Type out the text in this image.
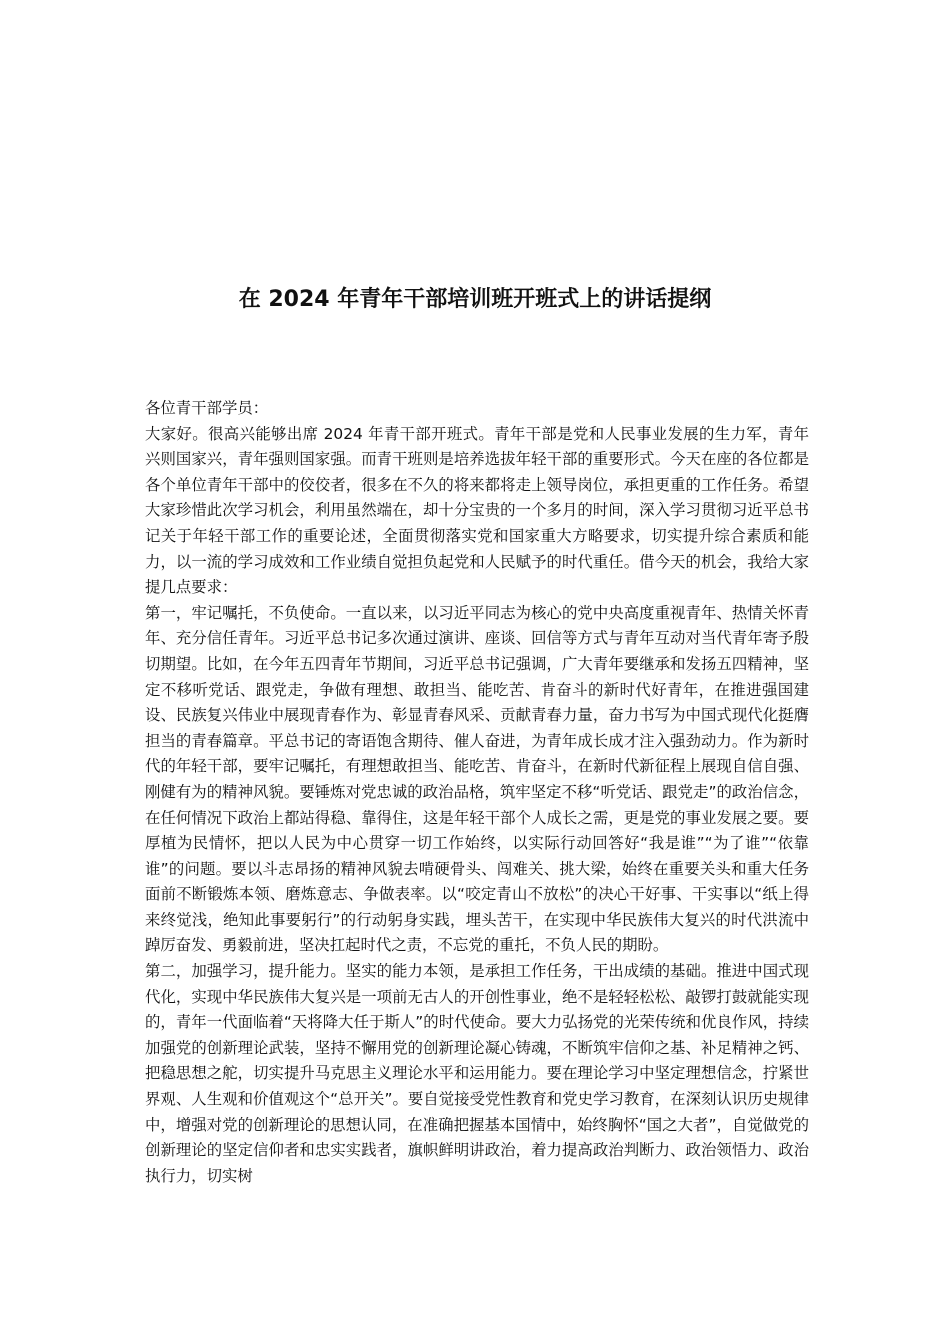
在 2024 年青年干部培训班开班式上的讲话提纲

各位青干部学员：

大家好。很高兴能够出席 2024 年青干部开班式。青年干部是党和人民事业发展的生力军，青年兴则国家兴，青年强则国家强。而青干班则是培养选拔年轻干部的重要形式。今天在座的各位都是各个单位青年干部中的佼佼者，很多在不久的将来都将走上领导岗位，承担更重的工作任务。希望大家珍惜此次学习机会，利用虽然端在，却十分宝贵的一个多月的时间，深入学习贯彻习近平总书记关于年轻干部工作的重要论述，全面贯彻落实党和国家重大方略要求，切实提升综合素质和能力，以一流的学习成效和工作业绩自觉担负起党和人民赋予的时代重任。借今天的机会，我给大家提几点要求：

第一，牢记嘱托，不负使命。一直以来，以习近平同志为核心的党中央高度重视青年、热情关怀青年、充分信任青年。习近平总书记多次通过演讲、座谈、回信等方式与青年互动对当代青年寄予殷切期望。比如，在今年五四青年节期间，习近平总书记强调，广大青年要继承和发扬五四精神，坚定不移听党话、跟党走，争做有理想、敢担当、能吃苦、肯奋斗的新时代好青年，在推进强国建设、民族复兴伟业中展现青春作为、彰显青春风采、贡献青春力量，奋力书写为中国式现代化挺膺担当的青春篇章。平总书记的寄语饱含期待、催人奋进，为青年成长成才注入强劲动力。作为新时代的年轻干部，要牢记嘱托，有理想敢担当、能吃苦、肯奋斗，在新时代新征程上展现自信自强、刚健有为的精神风貌。要锤炼对党忠诚的政治品格，筑牢坚定不移“听党话、跟党走”的政治信念，在任何情况下政治上都站得稳、靠得住，这是年轻干部个人成长之需，更是党的事业发展之要。要厚植为民情怀，把以人民为中心贯穿一切工作始终，以实际行动回答好“我是谁”“为了谁”“依靠谁”的问题。要以斗志昂扬的精神风貌去啃硬骨头、闯难关、挑大梁，始终在重要关头和重大任务面前不断锻炼本领、磨炼意志、争做表率。以“咬定青山不放松”的决心干好事、干实事以“纸上得来终觉浅，绝知此事要躬行”的行动躬身实践，埋头苦干，在实现中华民族伟大复兴的时代洪流中踔厉奋发、勇毅前进，坚决扛起时代之责，不忘党的重托，不负人民的期盼。

第二，加强学习，提升能力。坚实的能力本领，是承担工作任务，干出成绩的基础。推进中国式现代化，实现中华民族伟大复兴是一项前无古人的开创性事业，绝不是轻轻松松、敲锣打鼓就能实现的，青年一代面临着“天将降大任于斯人”的时代使命。要大力弘扬党的光荣传统和优良作风，持续加强党的创新理论武装，坚持不懈用党的创新理论凝心铸魂，不断筑牢信仰之基、补足精神之钙、把稳思想之舵，切实提升马克思主义理论水平和运用能力。要在理论学习中坚定理想信念，拧紧世界观、人生观和价值观这个“总开关”。要自觉接受党性教育和党史学习教育，在深刻认识历史规律中，增强对党的创新理论的思想认同，在准确把握基本国情中，始终胸怀“国之大者”，自觉做党的创新理论的坚定信仰者和忠实实践者，旗帜鲜明讲政治，着力提高政治判断力、政治领悟力、政治执行力，切实树
